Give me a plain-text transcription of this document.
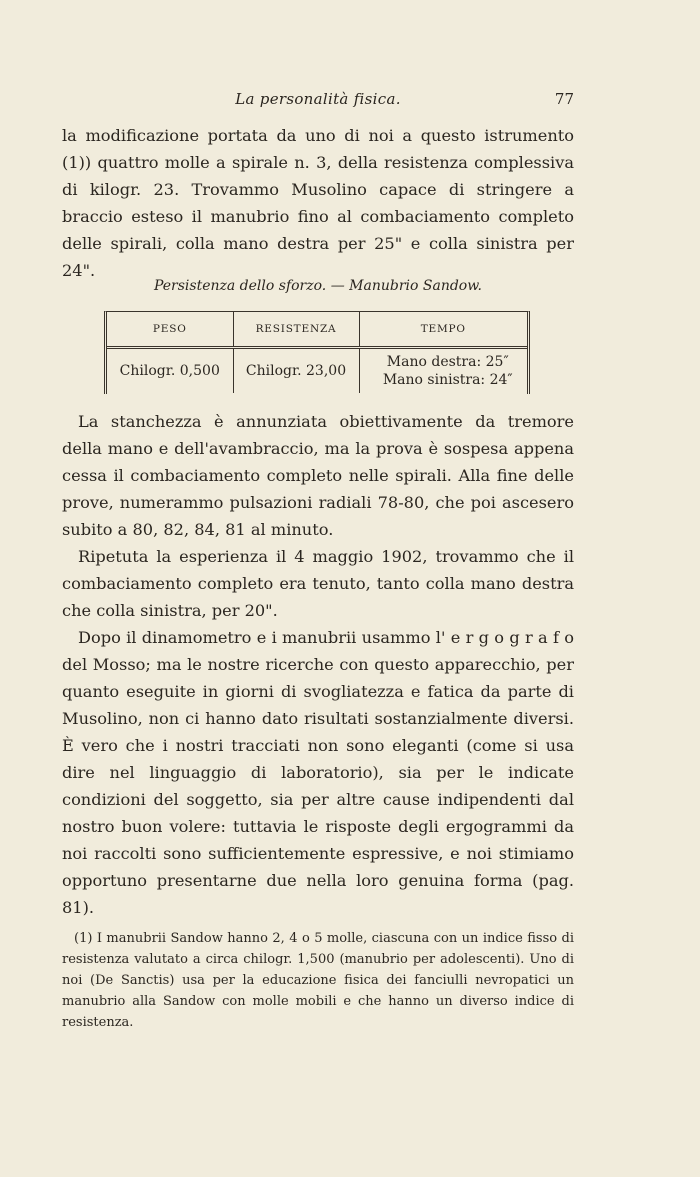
La personalità fisica.	77

la modificazione portata da uno di noi a questo istrumento (1)) quattro molle a spirale n. 3, della resistenza complessiva di kilogr. 23. Trovammo Musolino capace di stringere a braccio esteso il manubrio fino al combaciamento completo delle spirali, colla mano destra per 25" e colla sinistra per 24".

Persistenza dello sforzo. — Manubrio Sandow.
PESO	RESISTENZA	TEMPO
Chilogr. 0,500	Chilogr. 23,00	Mano destra: 25″
Mano sinistra: 24″

La stanchezza è annunziata obiettivamente da tremore della mano e dell'avambraccio, ma la prova è sospesa appena cessa il combaciamento completo nelle spirali. Alla fine delle prove, numerammo pulsazioni radiali 78-80, che poi ascesero subito a 80, 82, 84, 81 al minuto.

Ripetuta la esperienza il 4 maggio 1902, trovammo che il combaciamento completo era tenuto, tanto colla mano destra che colla sinistra, per 20".

Dopo il dinamometro e i manubrii usammo l' e r g o g r a f o del Mosso; ma le nostre ricerche con questo apparecchio, per quanto eseguite in giorni di svogliatezza e fatica da parte di Musolino, non ci hanno dato risultati sostanzialmente diversi. È vero che i nostri tracciati non sono eleganti (come si usa dire nel linguaggio di laboratorio), sia per le indicate condizioni del soggetto, sia per altre cause indipendenti dal nostro buon volere: tuttavia le risposte degli ergogrammi da noi raccolti sono sufficientemente espressive, e noi stimiamo opportuno presentarne due nella loro genuina forma (pag. 81).

(1) I manubrii Sandow hanno 2, 4 o 5 molle, ciascuna con un indice fisso di resistenza valutato a circa chilogr. 1,500 (manubrio per adolescenti). Uno di noi (De Sanctis) usa per la educazione fisica dei fanciulli nevropatici un manubrio alla Sandow con molle mobili e che hanno un diverso indice di resistenza.
